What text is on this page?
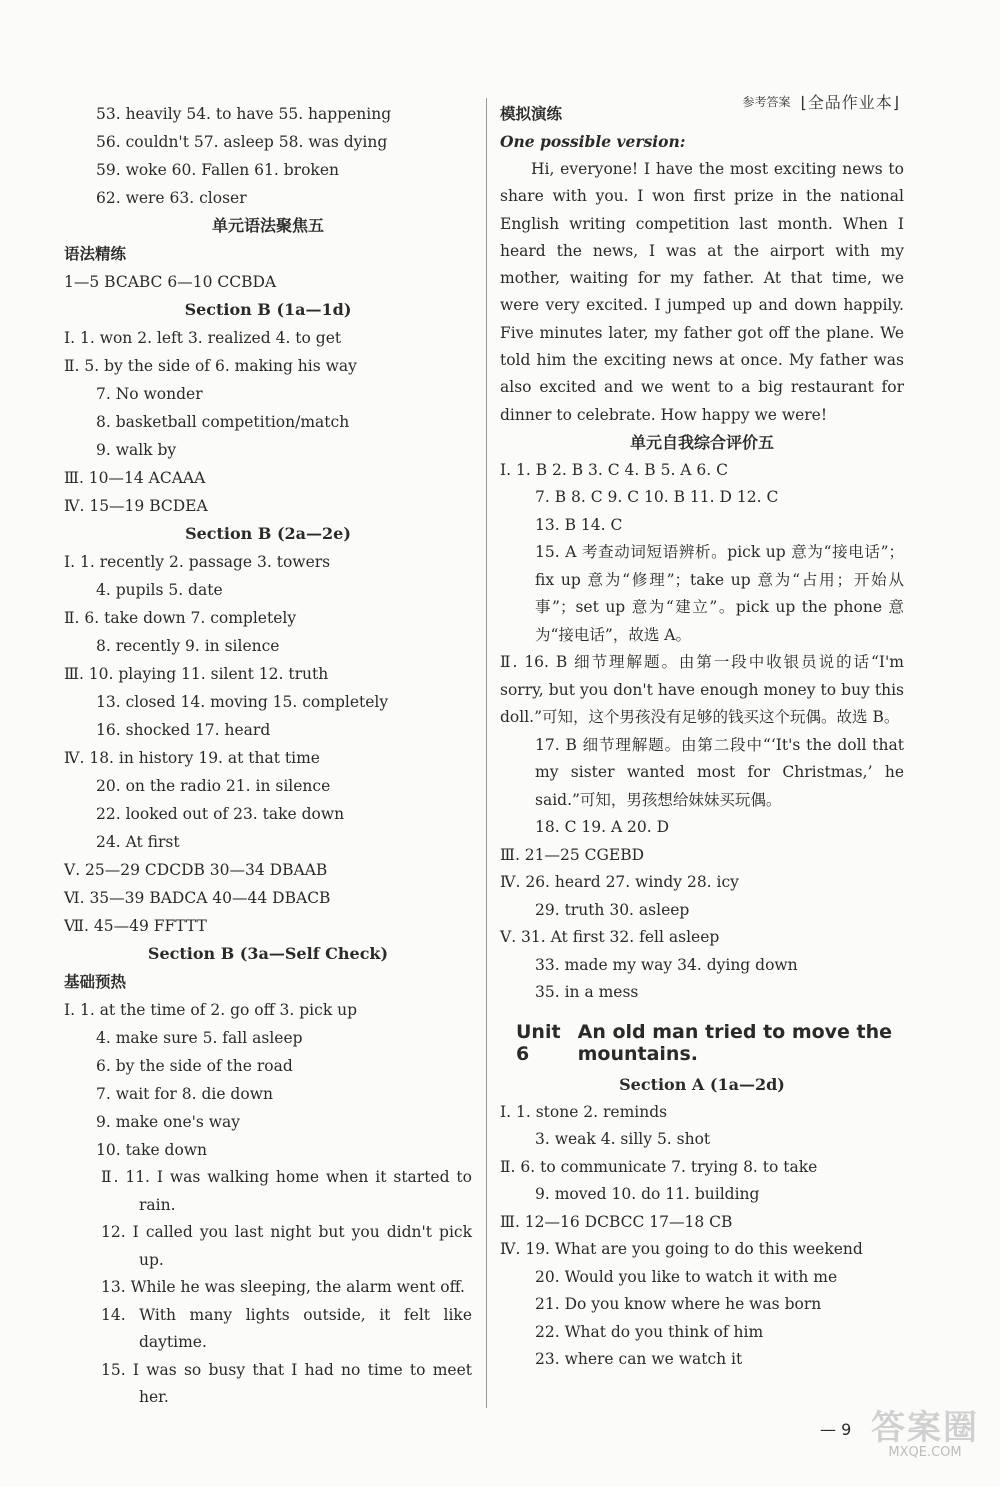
参考答案 ⌊全品作业本⌋
53. heavily 54. to have 55. happening
56. couldn't 57. asleep 58. was dying
59. woke 60. Fallen 61. broken
62. were 63. closer
单元语法聚焦五
语法精练
1—5 BCABC 6—10 CCBDA
Section B (1a—1d)
Ⅰ. 1. won 2. left 3. realized 4. to get
Ⅱ. 5. by the side of 6. making his way
7. No wonder
8. basketball competition/match
9. walk by
Ⅲ. 10—14 ACAAA
Ⅳ. 15—19 BCDEA
Section B (2a—2e)
Ⅰ. 1. recently 2. passage 3. towers
4. pupils 5. date
Ⅱ. 6. take down 7. completely
8. recently 9. in silence
Ⅲ. 10. playing 11. silent 12. truth
13. closed 14. moving 15. completely
16. shocked 17. heard
Ⅳ. 18. in history 19. at that time
20. on the radio 21. in silence
22. looked out of 23. take down
24. At first
Ⅴ. 25—29 CDCDB 30—34 DBAAB
Ⅵ. 35—39 BADCA 40—44 DBACB
Ⅶ. 45—49 FFTTT
Section B (3a—Self Check)
基础预热
Ⅰ. 1. at the time of 2. go off 3. pick up
4. make sure 5. fall asleep
6. by the side of the road
7. wait for 8. die down
9. make one's way
10. take down
Ⅱ. 11. I was walking home when it started to rain.
12. I called you last night but you didn't pick up.
13. While he was sleeping, the alarm went off.
14. With many lights outside, it felt like daytime.
15. I was so busy that I had no time to meet her.
模拟演练
One possible version:
Hi, everyone! I have the most exciting news to share with you. I won first prize in the national English writing competition last month. When I heard the news, I was at the airport with my mother, waiting for my father. At that time, we were very excited. I jumped up and down happily. Five minutes later, my father got off the plane. We told him the exciting news at once. My father was also excited and we went to a big restaurant for dinner to celebrate. How happy we were!
单元自我综合评价五
Ⅰ. 1. B 2. B 3. C 4. B 5. A 6. C
7. B 8. C 9. C 10. B 11. D 12. C
13. B 14. C
15. A 考查动词短语辨析。pick up 意为“接电话”；fix up 意为“修理”；take up 意为“占用；开始从事”；set up 意为“建立”。pick up the phone 意为“接电话”，故选 A。
Ⅱ. 16. B 细节理解题。由第一段中收银员说的话“I'm sorry, but you don't have enough money to buy this doll.”可知，这个男孩没有足够的钱买这个玩偶。故选 B。
17. B 细节理解题。由第二段中“‘It's the doll that my sister wanted most for Christmas,’ he said.”可知，男孩想给妹妹买玩偶。
18. C 19. A 20. D
Ⅲ. 21—25 CGEBD
Ⅳ. 26. heard 27. windy 28. icy
29. truth 30. asleep
Ⅴ. 31. At first 32. fell asleep
33. made my way 34. dying down
35. in a mess
Unit 6
An old man tried to move the mountains.
Section A (1a—2d)
Ⅰ. 1. stone 2. reminds
3. weak 4. silly 5. shot
Ⅱ. 6. to communicate 7. trying 8. to take
9. moved 10. do 11. building
Ⅲ. 12—16 DCBCC 17—18 CB
Ⅳ. 19. What are you going to do this weekend
20. Would you like to watch it with me
21. Do you know where he was born
22. What do you think of him
23. where can we watch it
— 9 答案圈
MXQE.COM
